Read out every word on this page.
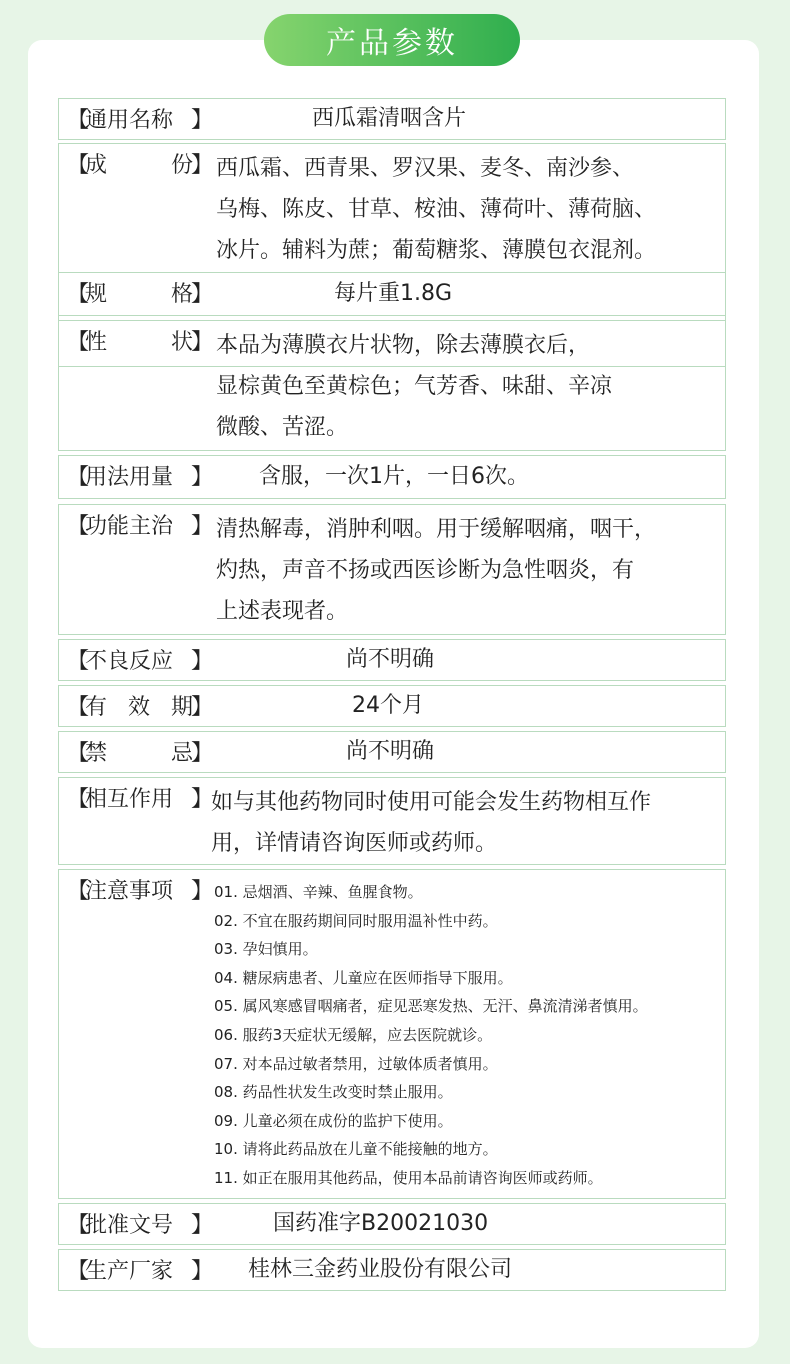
产品参数
【
通用名称 】	西瓜霜清咽含片
【
成	份
】 西瓜霜、西青果、罗汉果、麦冬、南沙参、
乌梅、陈皮、甘草、桉油、薄荷叶、薄荷脑、
冰片。辅料为蔗；葡萄糖浆、薄膜包衣混剂。
【
规	格
】	每片重1.8G
【
性	状
】 本品为薄膜衣片状物，除去薄膜衣后，
显棕黄色至黄棕色；气芳香、味甜、辛凉
微酸、苦涩。
【
用法用量 】 含服，一次1片，一日6次。
【
功能主治 】 清热解毒，消肿利咽。用于缓解咽痛，咽干，
灼热，声音不扬或西医诊断为急性咽炎，有
上述表现者。
【
不良反应 】	尚不明确
【
有 效 期
】	24个月
【
禁	忌
】	尚不明确
【
相互作用 】
如与其他药物同时使用可能会发生药物相互作
用，详情请咨询医师或药师。
【
注意事项 】 01. 忌烟酒、辛辣、鱼腥食物。
02. 不宜在服药期间同时服用温补性中药。
03. 孕妇慎用。
04. 糖尿病患者、儿童应在医师指导下服用。
05. 属风寒感冒咽痛者，症见恶寒发热、无汗、鼻流清涕者慎用。
06. 服药3天症状无缓解，应去医院就诊。
07. 对本品过敏者禁用，过敏体质者慎用。
08. 药品性状发生改变时禁止服用。
09. 儿童必须在成份的监护下使用。
10. 请将此药品放在儿童不能接触的地方。
11. 如正在服用其他药品，使用本品前请咨询医师或药师。
【
批准文号 】	国药准字B20021030
【
生产厂家 】 桂林三金药业股份有限公司
